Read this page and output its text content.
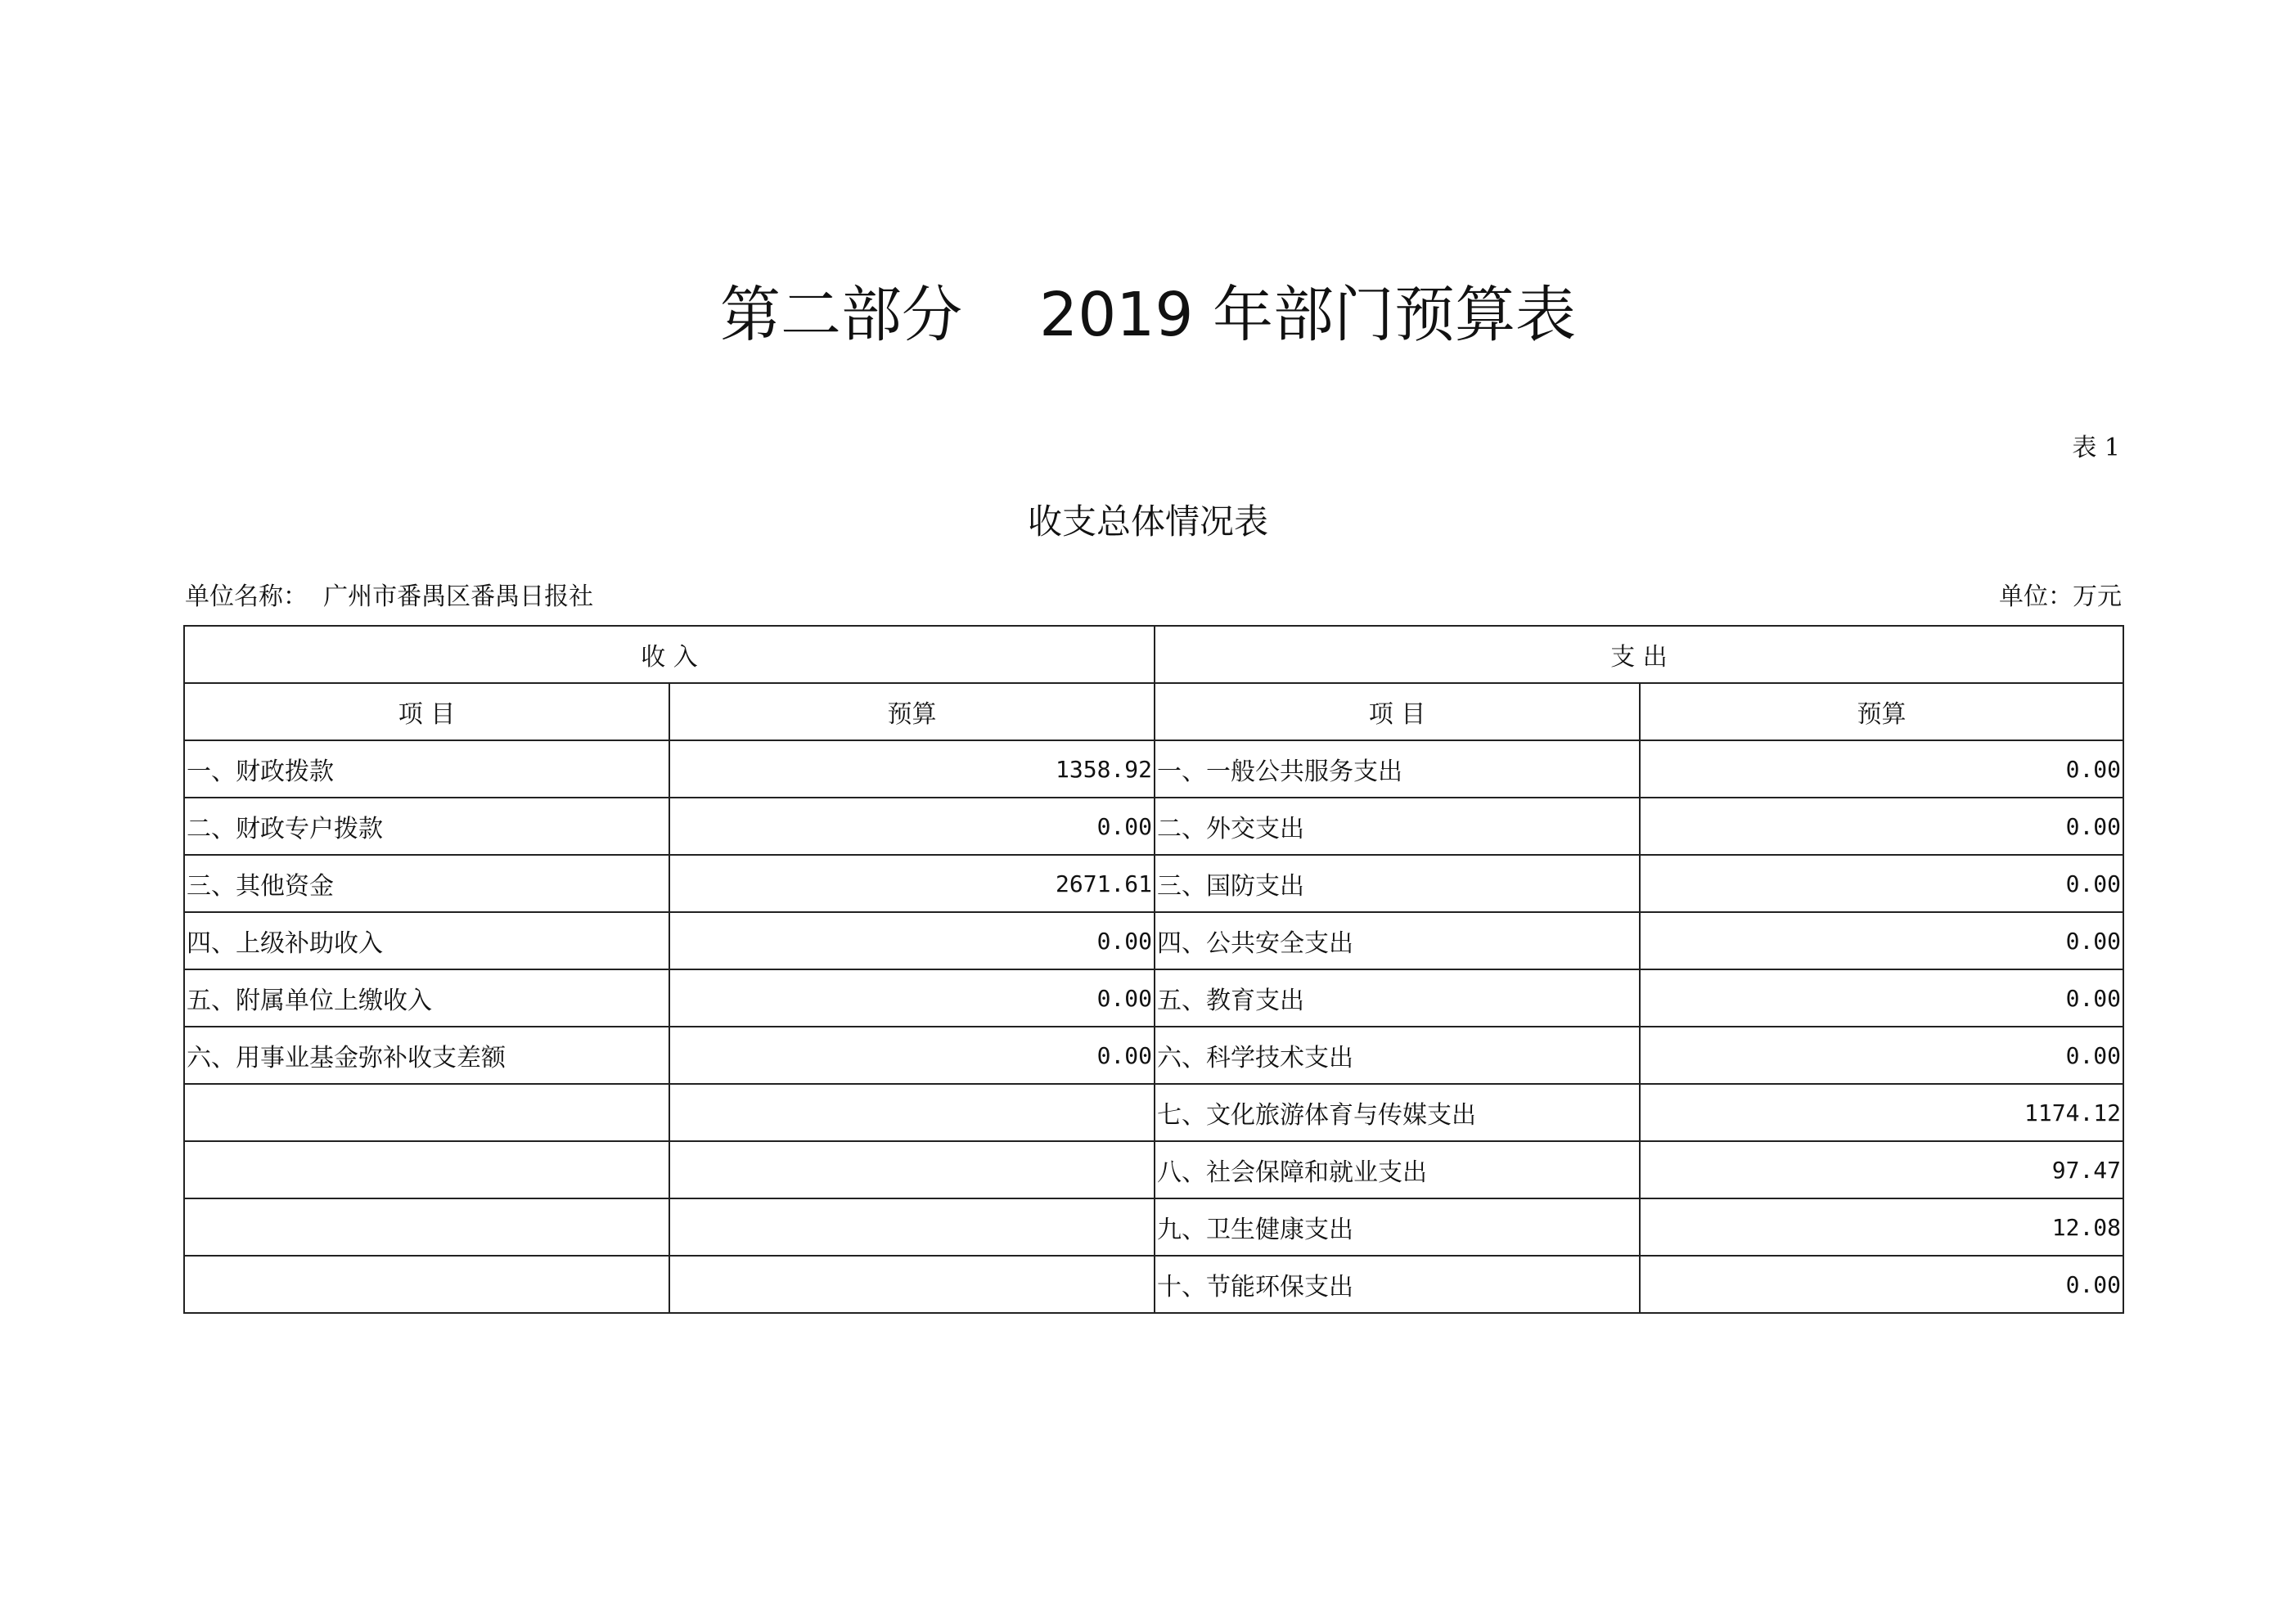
第二部分    2019 年部门预算表
表 1
收支总体情况表
单位名称： 广州市番禺区番禺日报社	单位：万元
收 入		支 出	
项 目	预算	项 目	预算
一、财政拨款	1358.92	一、一般公共服务支出	0.00
二、财政专户拨款	0.00	二、外交支出	0.00
三、其他资金	2671.61	三、国防支出	0.00
四、上级补助收入	0.00	四、公共安全支出	0.00
五、附属单位上缴收入	0.00	五、教育支出	0.00
六、用事业基金弥补收支差额	0.00	六、科学技术支出	0.00
		七、文化旅游体育与传媒支出	1174.12
		八、社会保障和就业支出	97.47
		九、卫生健康支出	12.08
		十、节能环保支出	0.00
